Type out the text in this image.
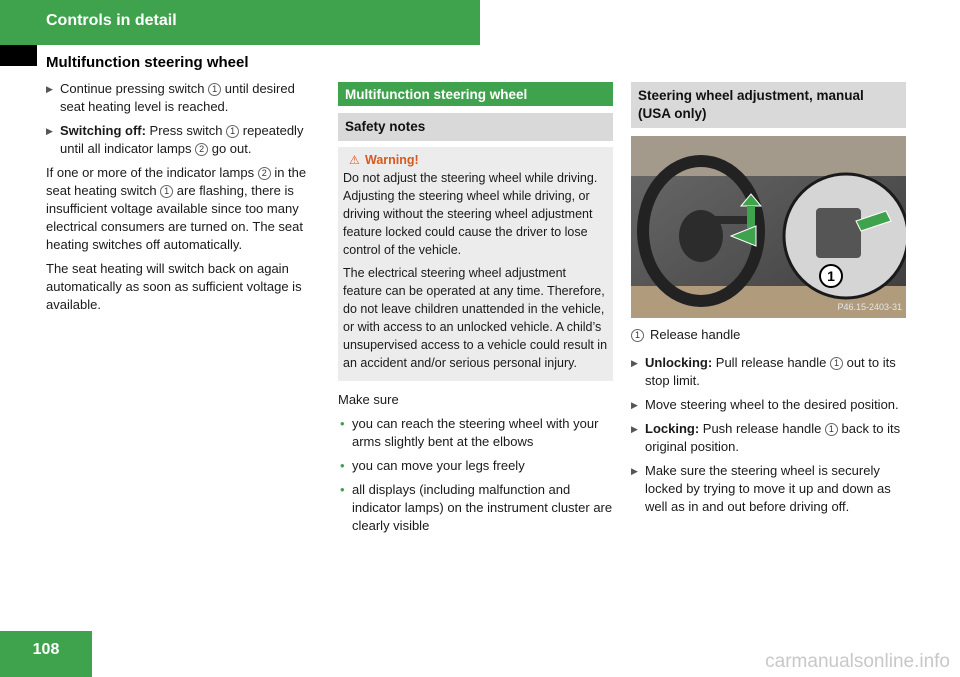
Controls in detail
Multifunction steering wheel
▶ Continue pressing switch 1 until desired seat heating level is reached.
▶ Switching off: Press switch 1 repeatedly until all indicator lamps 2 go out.

If one or more of the indicator lamps 2 in the seat heating switch 1 are flashing, there is insufficient voltage available since too many electrical consumers are turned on. The seat heating switches off automatically.

The seat heating will switch back on again automatically as soon as sufficient voltage is available.

Multifunction steering wheel
Safety notes
⚠ Warning!

Do not adjust the steering wheel while driving. Adjusting the steering wheel while driving, or driving without the steering wheel adjustment feature locked could cause the driver to lose control of the vehicle.

The electrical steering wheel adjustment feature can be operated at any time. Therefore, do not leave children unattended in the vehicle, or with access to an unlocked vehicle. A child’s unsupervised access to a vehicle could result in an accident and/or serious personal injury.

Make sure

• you can reach the steering wheel with your arms slightly bent at the elbows
• you can move your legs freely
• all displays (including malfunction and indicator lamps) on the instrument cluster are clearly visible
Steering wheel adjustment, manual (USA only)
1
P46.15-2403-31
1 Release handle
▶ Unlocking: Pull release handle 1 out to its stop limit.
▶ Move steering wheel to the desired position.
▶ Locking: Push release handle 1 back to its original position.
▶ Make sure the steering wheel is securely locked by trying to move it up and down as well as in and out before driving off.
108
carmanualsonline.info
